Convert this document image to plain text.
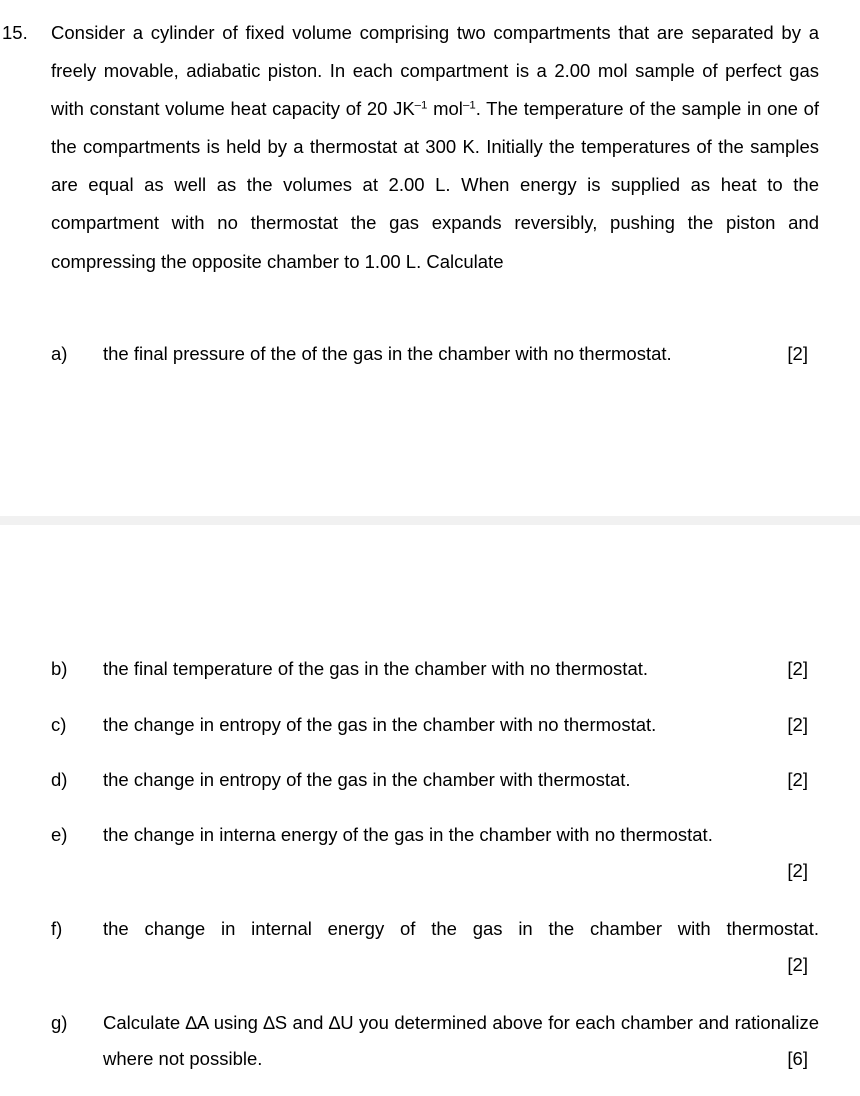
15. Consider a cylinder of fixed volume comprising two compartments that are separated by a freely movable, adiabatic piston. In each compartment is a 2.00 mol sample of perfect gas with constant volume heat capacity of 20 $JK^{-1}$ mol$^{-1}$. The temperature of the sample in one of the compartments is held by a thermostat at 300 K. Initially the temperatures of the samples are equal as well as the volumes at 2.00 L. When energy is supplied as heat to the compartment with no thermostat the gas expands reversibly, pushing the piston and compressing the opposite chamber to 1.00 L. Calculate
a) the final pressure of the of the gas in the chamber with no thermostat.	[2]
b) the final temperature of the gas in the chamber with no thermostat.	[2]
c) the change in entropy of the gas in the chamber with no thermostat.	[2]
d) the change in entropy of the gas in the chamber with thermostat.	[2]
e) the change in interna energy of the gas in the chamber with no thermostat.
[2]
f) the change in internal energy of the gas in the chamber with thermostat.
[2]
g) Calculate ∆A using ∆S and ∆U you determined above for each chamber and rationalize where not possible.	[6]
